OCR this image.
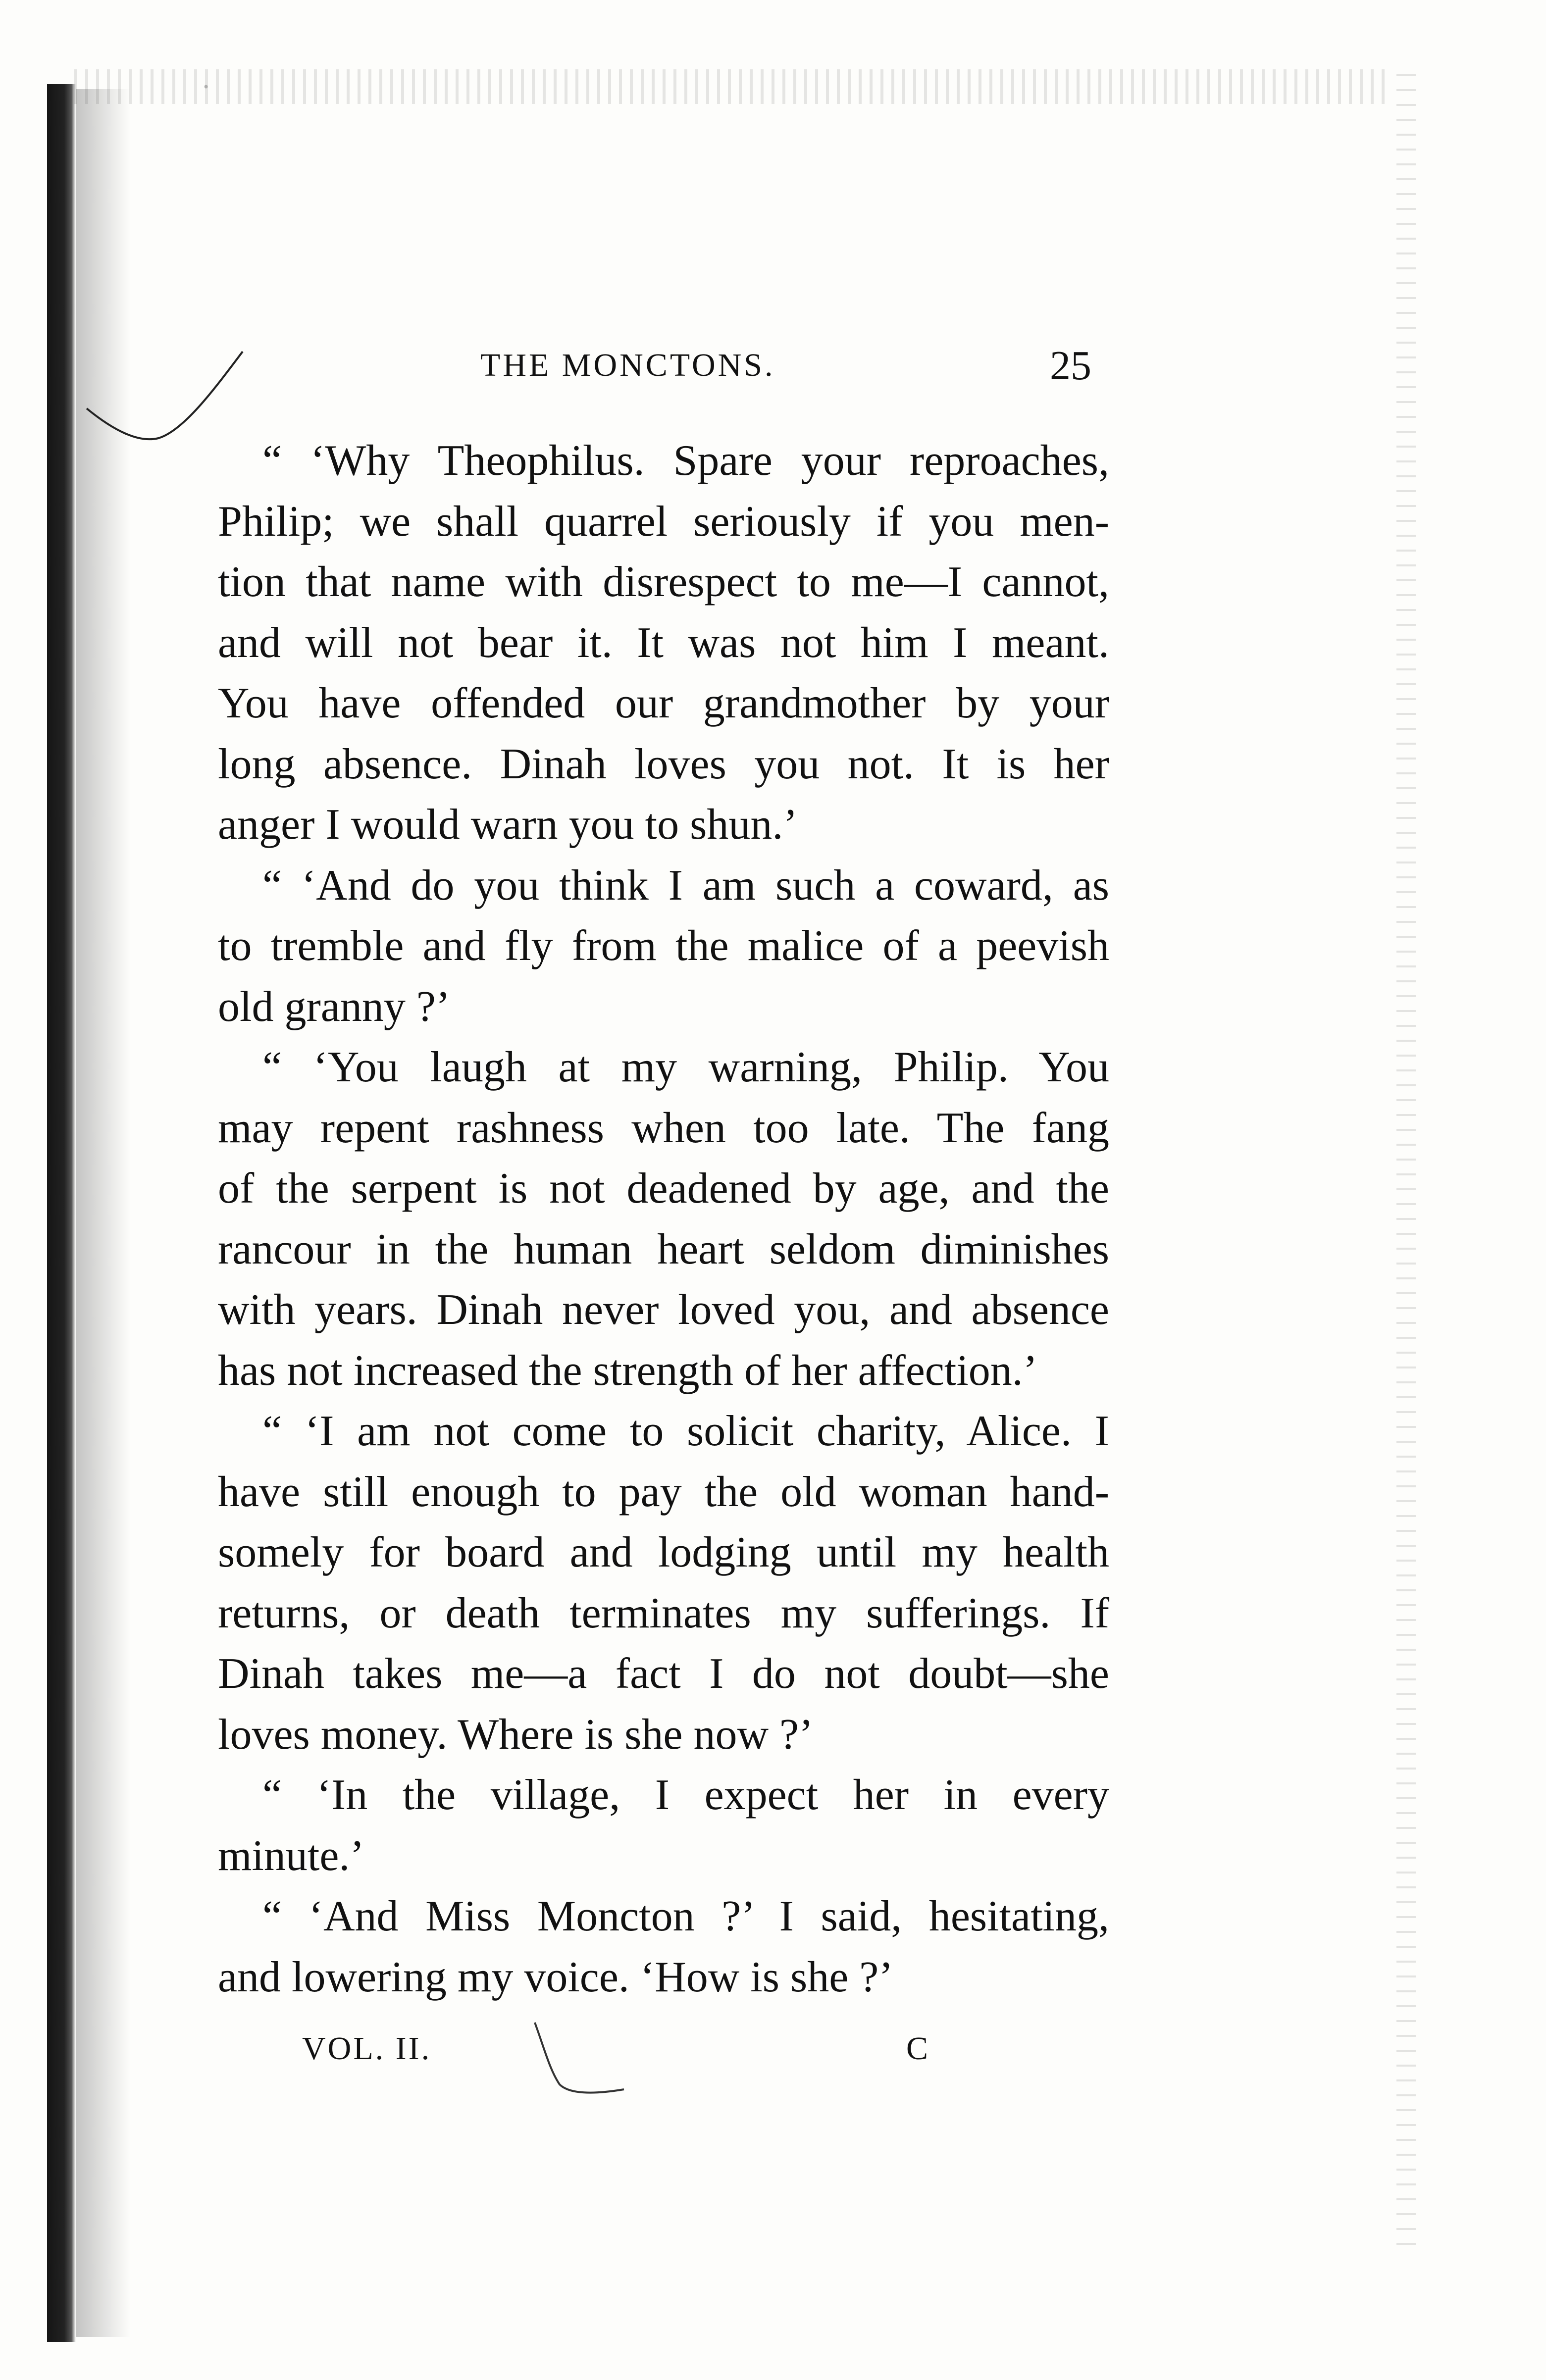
THE MONCTONS.	25
“ ‘Why Theophilus. Spare your reproaches,
Philip; we shall quarrel seriously if you men-
tion that name with disrespect to me—I cannot,
and will not bear it. It was not him I meant.
You have offended our grandmother by your
long absence. Dinah loves you not. It is her
anger I would warn you to shun.’
“ ‘And do you think I am such a coward, as
to tremble and fly from the malice of a peevish
old granny ?’
“ ‘You laugh at my warning, Philip. You
may repent rashness when too late. The fang
of the serpent is not deadened by age, and the
rancour in the human heart seldom diminishes
with years. Dinah never loved you, and absence
has not increased the strength of her affection.’
“ ‘I am not come to solicit charity, Alice. I
have still enough to pay the old woman hand-
somely for board and lodging until my health
returns, or death terminates my sufferings. If
Dinah takes me—a fact I do not doubt—she
loves money. Where is she now ?’
“ ‘In the village, I expect her in every
minute.’
“ ‘And Miss Moncton ?’ I said, hesitating,
and lowering my voice. ‘How is she ?’
VOL. II.	C
